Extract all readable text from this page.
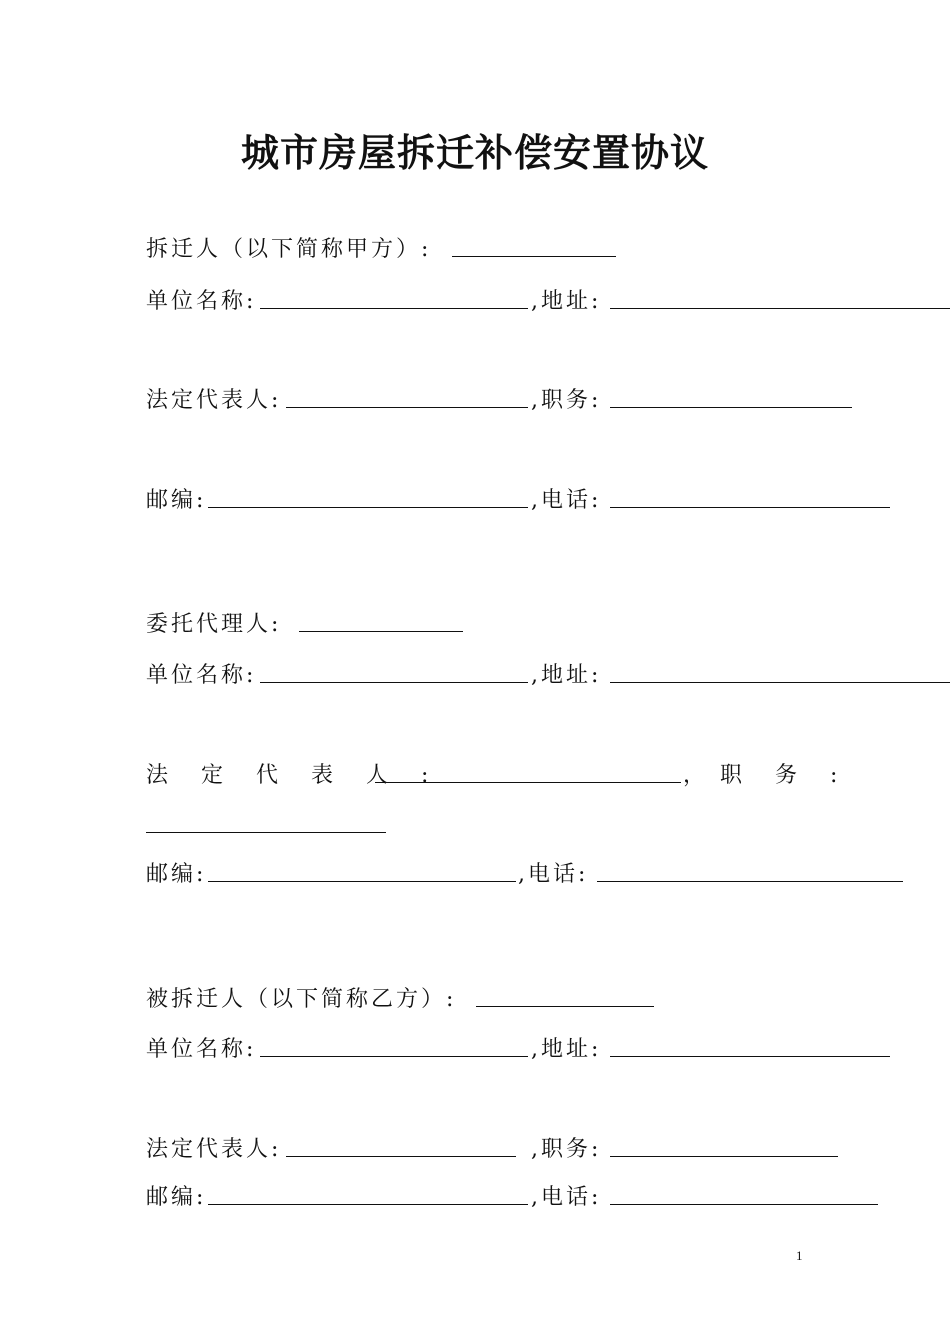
城市房屋拆迁补偿安置协议
拆迁人（以下简称甲方）:
单位名称:	,地址:
法定代表人:	,职务:
邮编:	,电话:
委托代理人:
单位名称:	,地址:
法 定 代 表 人 :	， 职 务 :
邮编:	,电话:
被拆迁人（以下简称乙方）:
单位名称:	,地址:
法定代表人:	,职务:
邮编:	,电话:
1
